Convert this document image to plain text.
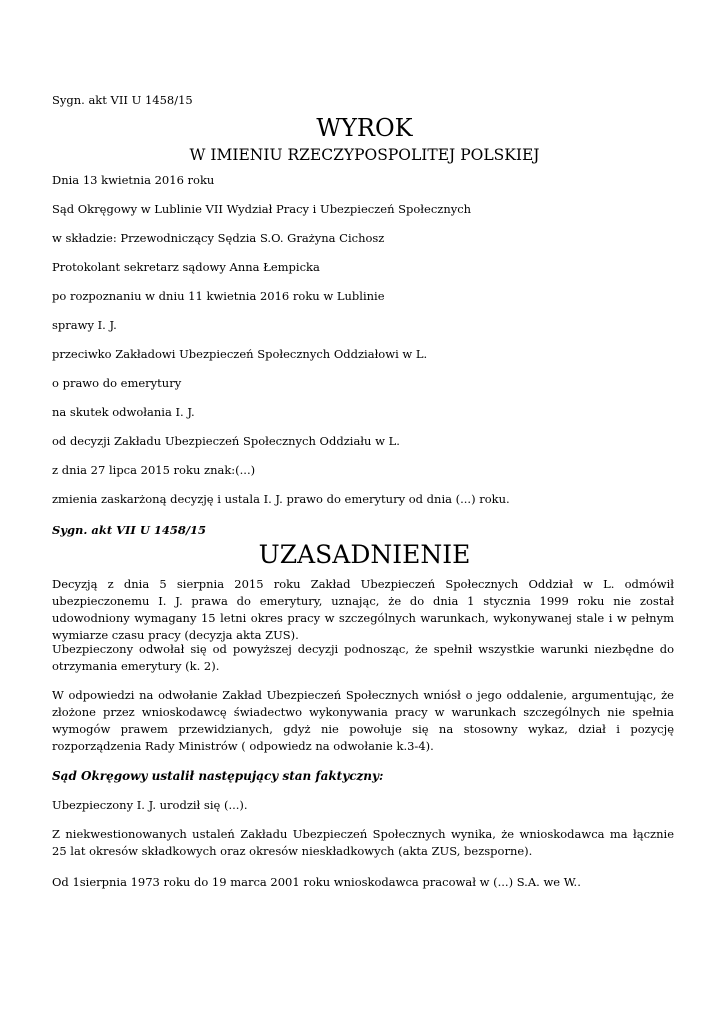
Sygn. akt VII U 1458/15
WYROK
W IMIENIU RZECZYPOSPOLITEJ POLSKIEJ
Dnia 13 kwietnia 2016 roku
Sąd Okręgowy w Lublinie VII Wydział Pracy i Ubezpieczeń Społecznych
w składzie: Przewodniczący Sędzia S.O. Grażyna Cichosz
Protokolant sekretarz sądowy Anna Łempicka
po rozpoznaniu w dniu 11 kwietnia 2016 roku w Lublinie
sprawy I. J.
przeciwko Zakładowi Ubezpieczeń Społecznych Oddziałowi w L.
o prawo do emerytury
na skutek odwołania I. J.
od decyzji Zakładu Ubezpieczeń Społecznych Oddziału w L.
z dnia 27 lipca 2015 roku znak:(...)
zmienia zaskarżoną decyzję i ustala I. J. prawo do emerytury od dnia (...) roku.
Sygn. akt VII U 1458/15
UZASADNIENIE
Decyzją z dnia 5 sierpnia 2015 roku Zakład Ubezpieczeń Społecznych Oddział w L. odmówił ubezpieczonemu I. J. prawa do emerytury, uznając, że do dnia 1 stycznia 1999 roku nie został udowodniony wymagany 15 letni okres pracy w szczególnych warunkach, wykonywanej stale i w pełnym wymiarze czasu pracy (decyzja akta ZUS).
Ubezpieczony odwołał się od powyższej decyzji podnosząc, że spełnił wszystkie warunki niezbędne do otrzymania emerytury (k. 2).
W odpowiedzi na odwołanie Zakład Ubezpieczeń Społecznych wniósł o jego oddalenie, argumentując, że złożone przez wnioskodawcę świadectwo wykonywania pracy w warunkach szczególnych nie spełnia wymogów prawem przewidzianych, gdyż nie powołuje się na stosowny wykaz, dział i pozycję rozporządzenia Rady Ministrów ( odpowiedz na odwołanie k.3-4).
Sąd Okręgowy ustalił następujący stan faktyczny:
Ubezpieczony I. J. urodził się (...).
Z niekwestionowanych ustaleń Zakładu Ubezpieczeń Społecznych wynika, że wnioskodawca ma łącznie 25 lat okresów składkowych oraz okresów nieskładkowych (akta ZUS, bezsporne).
Od 1sierpnia 1973 roku do 19 marca 2001 roku wnioskodawca pracował w (...) S.A. we W..
